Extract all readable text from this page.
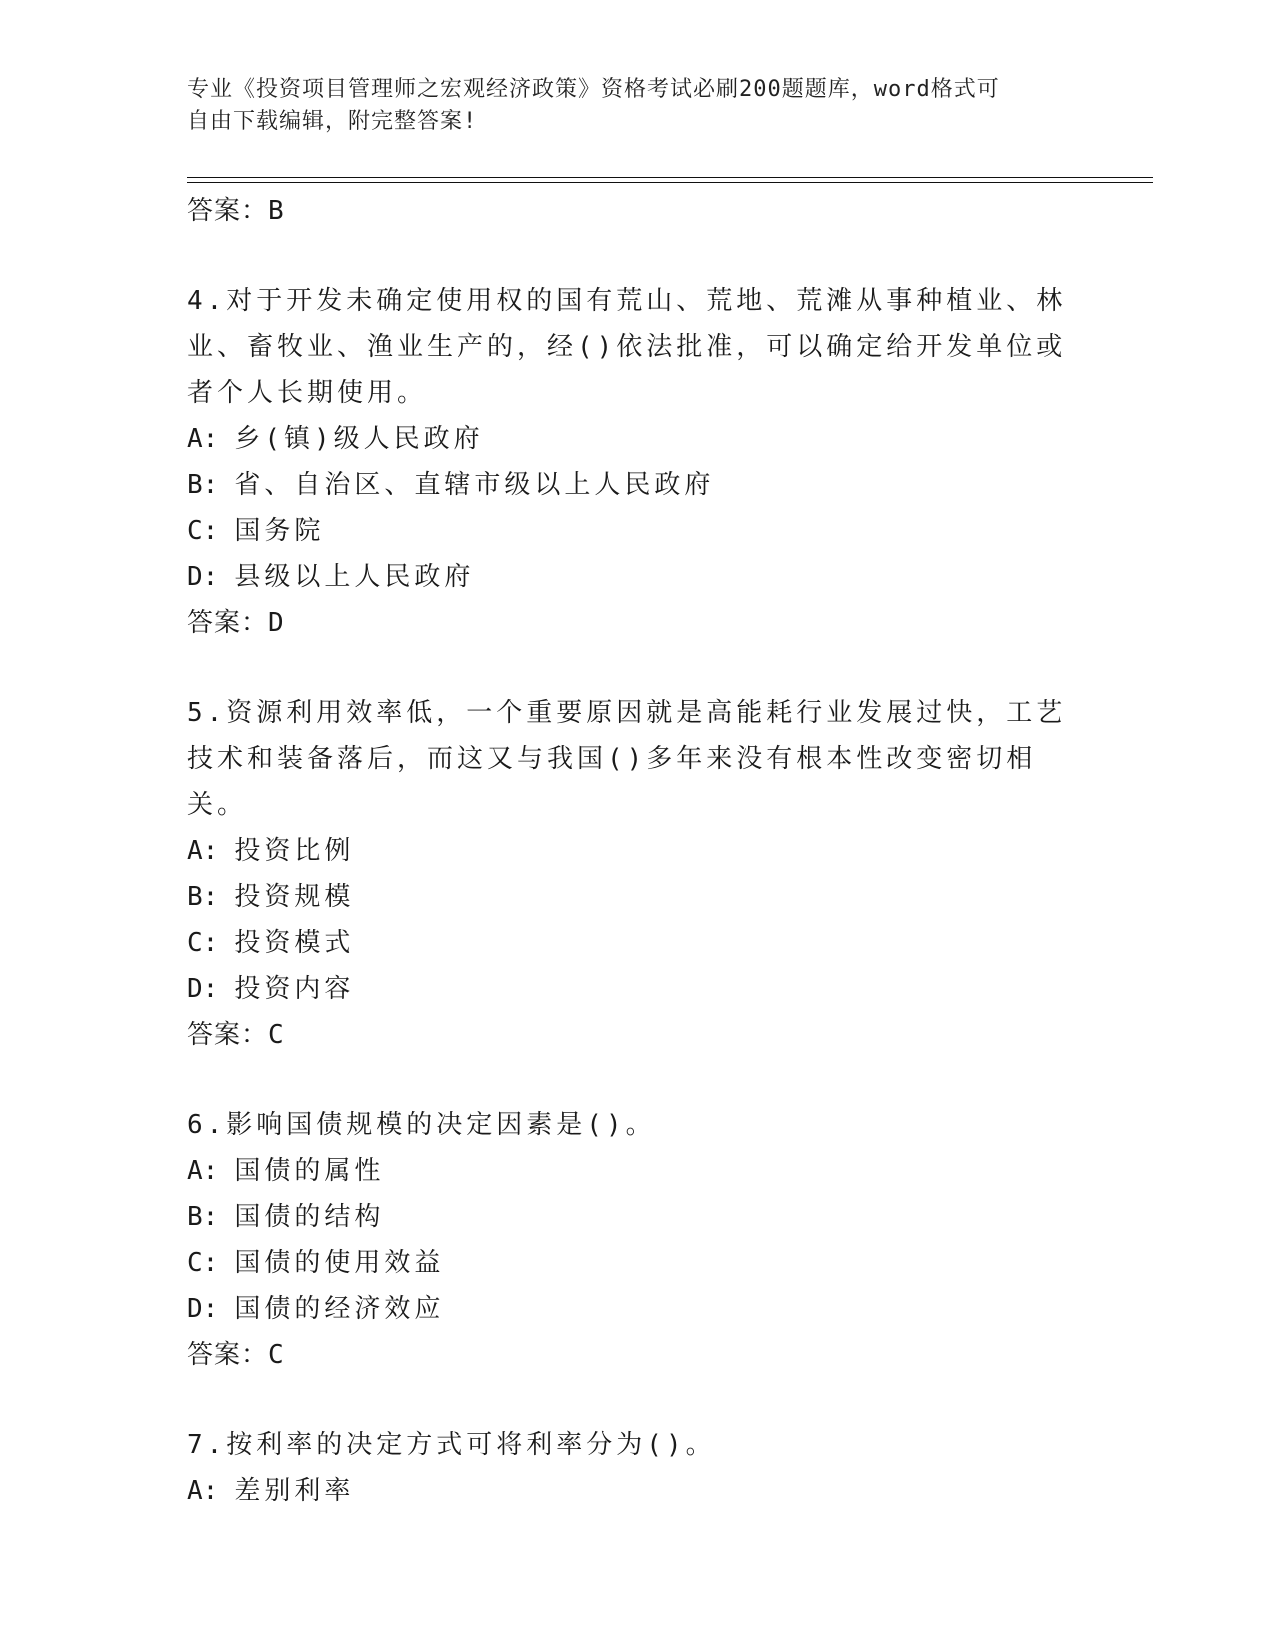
专业《投资项目管理师之宏观经济政策》资格考试必刷200题题库，word格式可
自由下载编辑，附完整答案!
答案：B
4.对于开发未确定使用权的国有荒山、荒地、荒滩从事种植业、林业、畜牧业、渔业生产的，经()依法批准，可以确定给开发单位或者个人长期使用。
A: 乡(镇)级人民政府
B: 省、自治区、直辖市级以上人民政府
C: 国务院
D: 县级以上人民政府
答案：D
5.资源利用效率低，一个重要原因就是高能耗行业发展过快，工艺技术和装备落后，而这又与我国()多年来没有根本性改变密切相关。
A: 投资比例
B: 投资规模
C: 投资模式
D: 投资内容
答案：C
6.影响国债规模的决定因素是()。
A: 国债的属性
B: 国债的结构
C: 国债的使用效益
D: 国债的经济效应
答案：C
7.按利率的决定方式可将利率分为()。
A: 差别利率
